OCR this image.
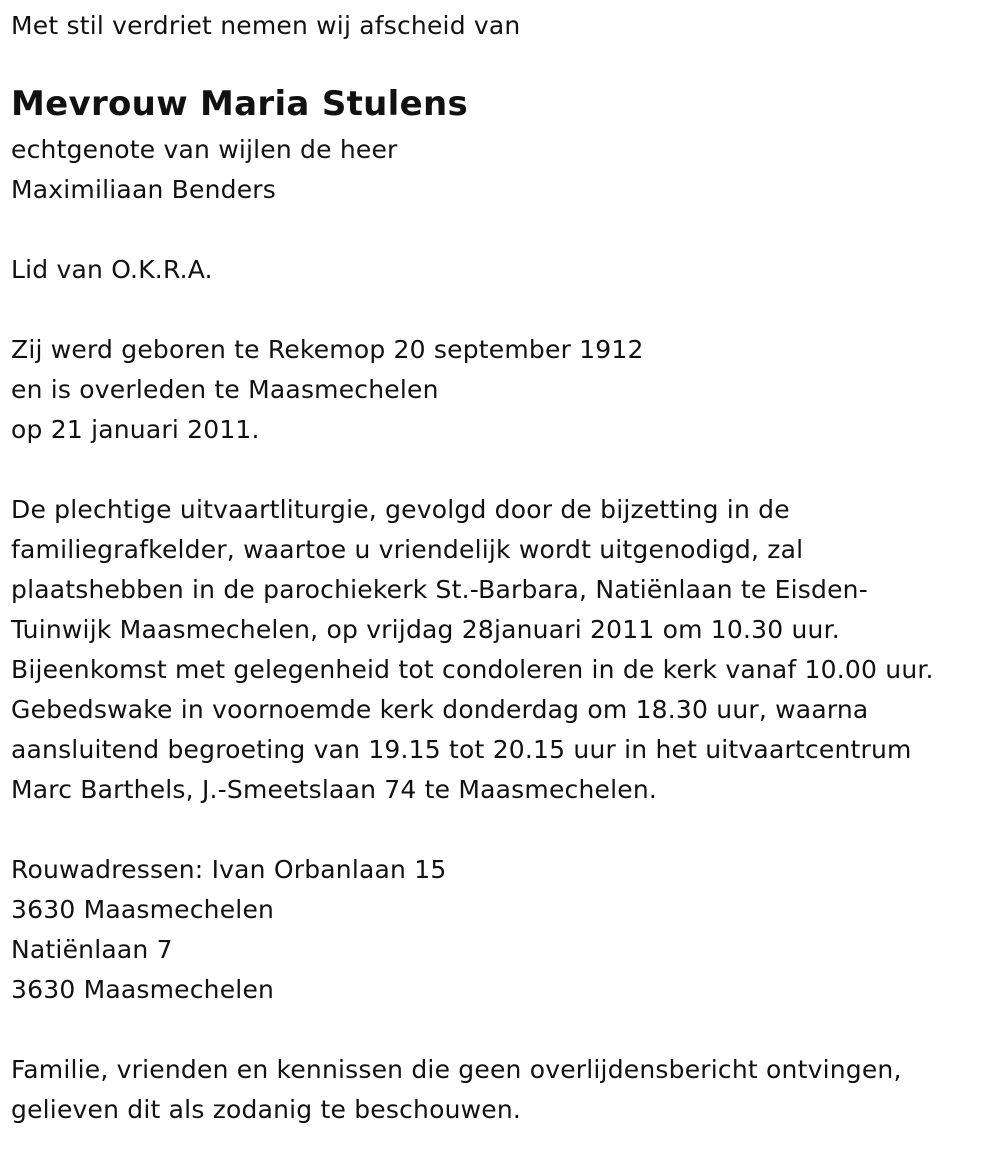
Met stil verdriet nemen wij afscheid van
Mevrouw Maria Stulens
echtgenote van wijlen de heer
Maximiliaan Benders
Lid van O.K.R.A.
Zij werd geboren te Rekemop 20 september 1912
en is overleden te Maasmechelen
op 21 januari 2011.
De plechtige uitvaartliturgie, gevolgd door de bijzetting in de
familiegrafkelder, waartoe u vriendelijk wordt uitgenodigd, zal
plaatshebben in de parochiekerk St.-Barbara, Natiënlaan te Eisden-
Tuinwijk Maasmechelen, op vrijdag 28januari 2011 om 10.30 uur.
Bijeenkomst met gelegenheid tot condoleren in de kerk vanaf 10.00 uur.
Gebedswake in voornoemde kerk donderdag om 18.30 uur, waarna
aansluitend begroeting van 19.15 tot 20.15 uur in het uitvaartcentrum
Marc Barthels, J.-Smeetslaan 74 te Maasmechelen.
Rouwadressen: Ivan Orbanlaan 15
3630 Maasmechelen
Natiënlaan 7
3630 Maasmechelen
Familie, vrienden en kennissen die geen overlijdensbericht ontvingen,
gelieven dit als zodanig te beschouwen.
